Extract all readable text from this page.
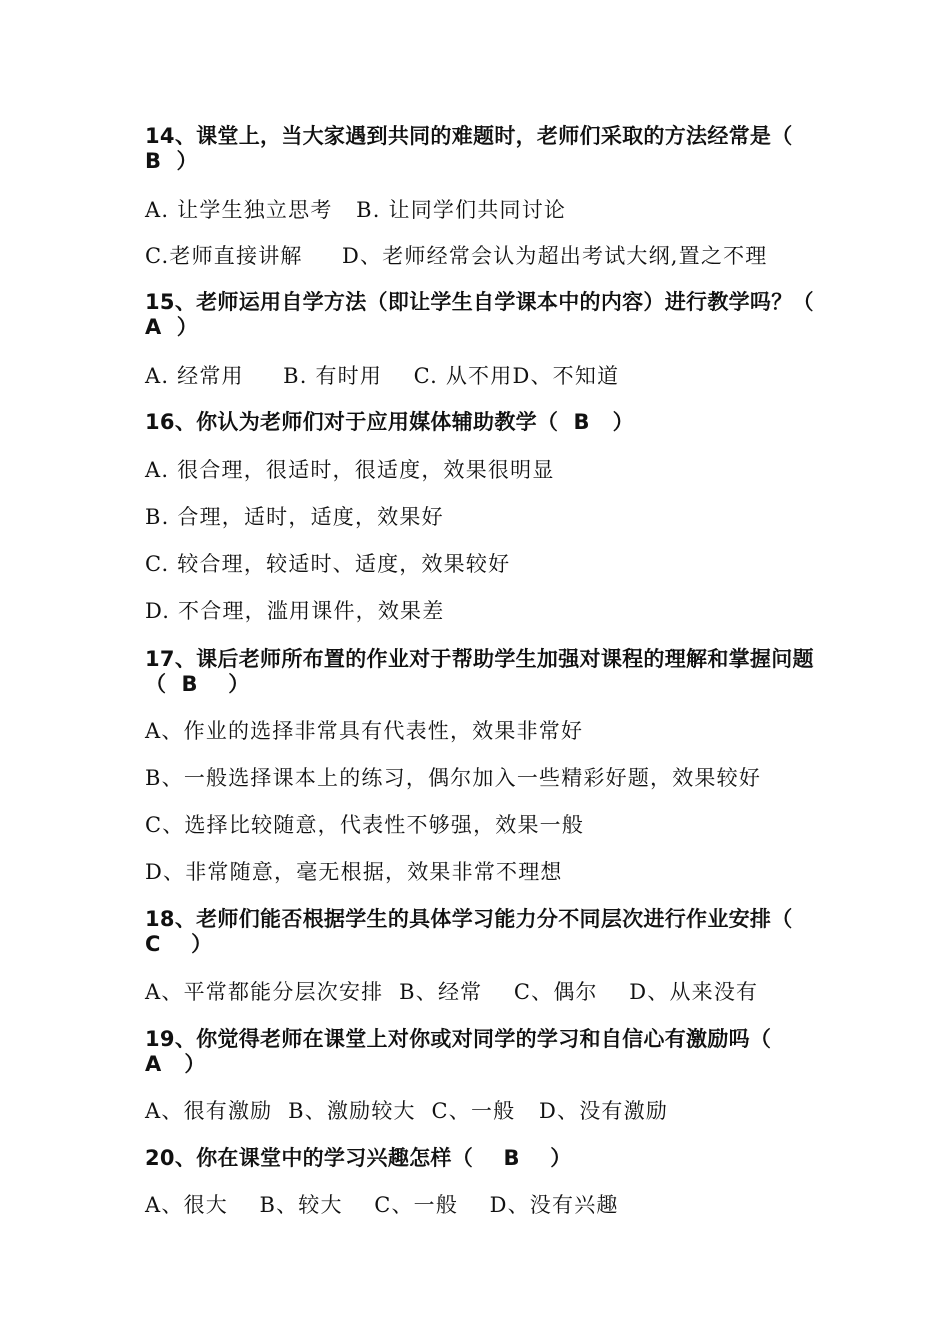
14、课堂上，当大家遇到共同的难题时，老师们采取的方法经常是（  B  ）
A. 让学生独立思考   B. 让同学们共同讨论
C.老师直接讲解     D、老师经常会认为超出考试大纲,置之不理
15、老师运用自学方法（即让学生自学课本中的内容）进行教学吗？（  A  ）
A. 经常用     B. 有时用    C. 从不用D、不知道
16、你认为老师们对于应用媒体辅助教学（  B   ）
A. 很合理，很适时，很适度，效果很明显
B. 合理，适时，适度，效果好
C. 较合理，较适时、适度，效果较好
D. 不合理，滥用课件，效果差
17、课后老师所布置的作业对于帮助学生加强对课程的理解和掌握问题（  B    ）
A、作业的选择非常具有代表性，效果非常好
B、一般选择课本上的练习，偶尔加入一些精彩好题，效果较好
C、选择比较随意，代表性不够强，效果一般
D、非常随意，毫无根据，效果非常不理想
18、老师们能否根据学生的具体学习能力分不同层次进行作业安排（  C    ）
A、平常都能分层次安排  B、经常    C、偶尔    D、从来没有
19、你觉得老师在课堂上对你或对同学的学习和自信心有激励吗（    A   ）
A、很有激励  B、激励较大  C、一般   D、没有激励
20、你在课堂中的学习兴趣怎样（    B    ）
A、很大    B、较大    C、一般    D、没有兴趣
